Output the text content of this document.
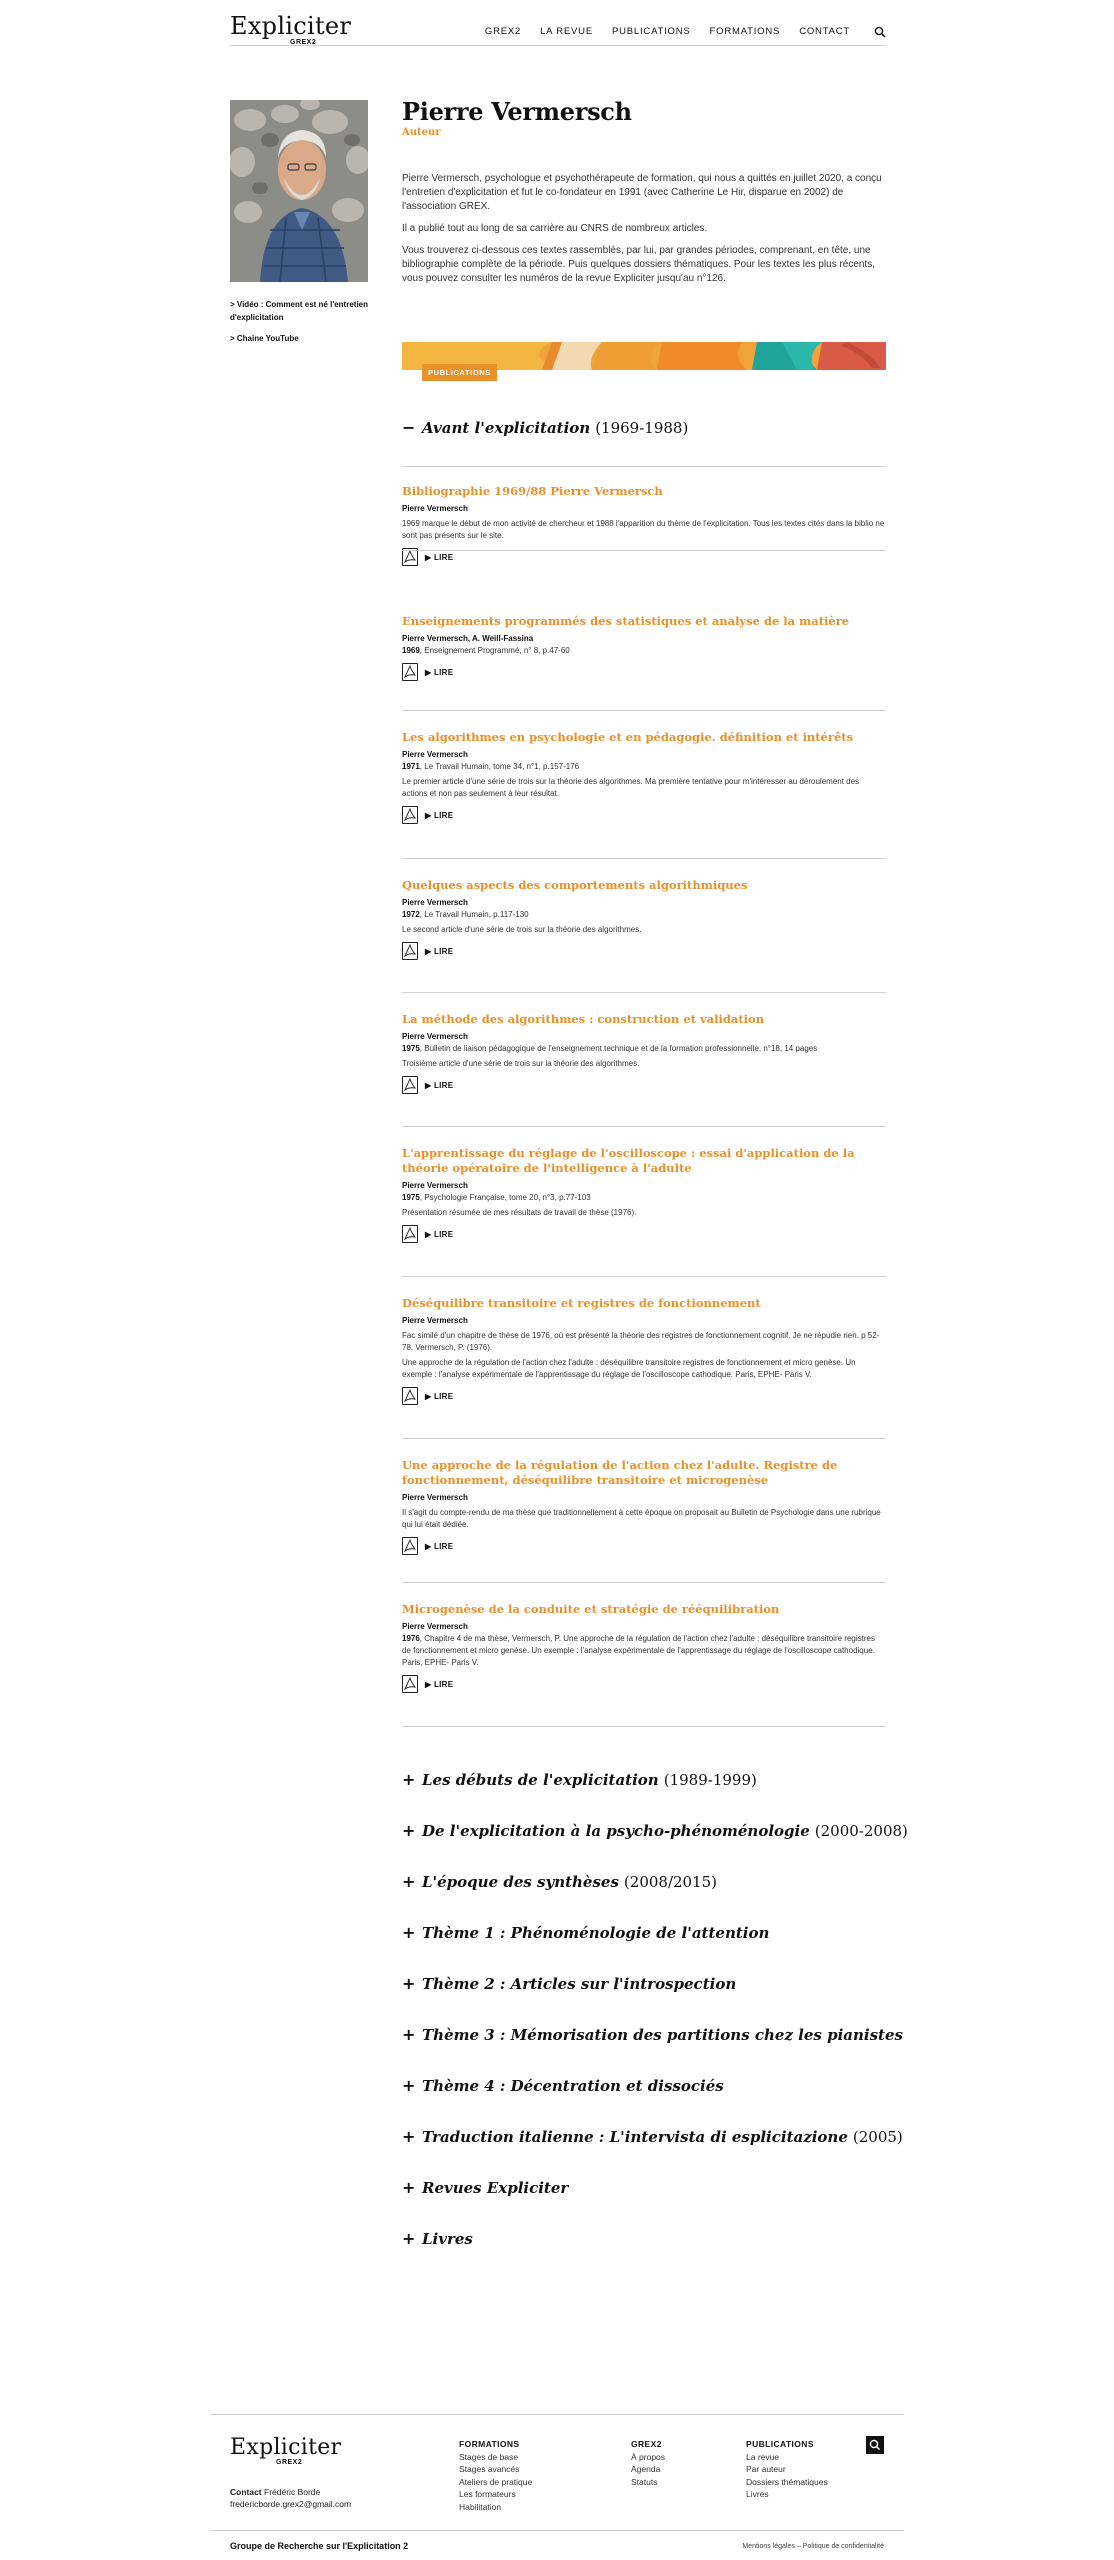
Expliciter
GREX2
GREX2 LA REVUE PUBLICATIONS FORMATIONS CONTACT
> Vidéo : Comment est né l'entretien d'explicitation
> Chaine YouTube
Pierre Vermersch
Auteur

Pierre Vermersch, psychologue et psychothérapeute de formation, qui nous a quittés en juillet 2020, a conçu l'entretien d'explicitation et fut le co-fondateur en 1991 (avec Catherine Le Hir, disparue en 2002) de l'association GREX.

Il a publié tout au long de sa carrière au CNRS de nombreux articles.

Vous trouverez ci-dessous ces textes rassemblés, par lui, par grandes périodes, comprenant, en tête, une bibliographie complète de la période. Puis quelques dossiers thématiques. Pour les textes les plus récents, vous pouvez consulter les numéros de la revue Expliciter jusqu'au n°126.

PUBLICATIONS
− Avant l'explicitation (1969-1988)
Bibliographie 1969/88 Pierre Vermersch
Pierre Vermersch
1969 marque le début de mon activité de chercheur et 1988 l'apparition du thème de l'explicitation. Tous les textes cités dans la biblio ne sont pas présents sur le site.
▶ LIRE
Enseignements programmés des statistiques et analyse de la matière
Pierre Vermersch, A. Weill-Fassina
1969, Enseignement Programmé, n° 8, p.47-60
▶ LIRE
Les algorithmes en psychologie et en pédagogie. définition et intérêts
Pierre Vermersch
1971, Le Travail Humain, tome 34, n°1, p.157-176
Le premier article d'une série de trois sur la théorie des algorithmes. Ma première tentative pour m'intéresser au déroulement des actions et non pas seulement à leur résultat.
▶ LIRE
Quelques aspects des comportements algorithmiques
Pierre Vermersch
1972, Le Travail Humain, p.117-130
Le second article d'une série de trois sur la théorie des algorithmes.
▶ LIRE
La méthode des algorithmes : construction et validation
Pierre Vermersch
1975, Bulletin de liaison pédagogique de l'enseignement technique et de la formation professionnelle, n°18, 14 pages
Troisième article d'une série de trois sur la théorie des algorithmes.
▶ LIRE
L'apprentissage du réglage de l'oscilloscope : essai d'application de la théorie opératoire de l'intelligence à l'adulte
Pierre Vermersch
1975, Psychologie Française, tome 20, n°3, p.77-103
Présentation résumée de mes résultats de travail de thèse (1976).
▶ LIRE
Déséquilibre transitoire et registres de fonctionnement
Pierre Vermersch
Fac similé d'un chapitre de thèse de 1976, où est présenté la théorie des registres de fonctionnement cognitif. Je ne répudie rien. p 52-78. Vermersch, P. (1976).
Une approche de la régulation de l'action chez l'adulte : déséquilibre transitoire registres de fonctionnement et micro genèse. Un exemple : l'analyse expérimentale de l'apprentissage du réglage de l'oscilloscope cathodique. Paris, EPHE- Paris V.
▶ LIRE
Une approche de la régulation de l'action chez l'adulte. Registre de fonctionnement, déséquilibre transitoire et microgenèse
Pierre Vermersch
Il s'agit du compte-rendu de ma thèse que traditionnellement à cette époque on proposait au Bulletin de Psychologie dans une rubrique qui lui était dédiée.
▶ LIRE
Microgenèse de la conduite et stratégie de rééquilibration
Pierre Vermersch
1976, Chapitre 4 de ma thèse, Vermersch, P. Une approche de la régulation de l'action chez l'adulte : déséquilibre transitoire registres de fonctionnement et micro genèse. Un exemple : l'analyse expérimentale de l'apprentissage du réglage de l'oscilloscope cathodique. Paris, EPHE- Paris V.
▶ LIRE
+ Les débuts de l'explicitation (1989-1999)
+ De l'explicitation à la psycho-phénoménologie (2000-2008)
+ L'époque des synthèses (2008/2015)
+ Thème 1 : Phénoménologie de l'attention
+ Thème 2 : Articles sur l'introspection
+ Thème 3 : Mémorisation des partitions chez les pianistes
+ Thème 4 : Décentration et dissociés
+ Traduction italienne : L'intervista di esplicitazione (2005)
+ Revues Expliciter
+ Livres
Expliciter
GREX2
Contact Frédéric Borde
fredericborde.grex2@gmail.com
FORMATIONS
Stages de base
Stages avancés
Ateliers de pratique
Les formateurs
Habilitation
GREX2
À propos
Agenda
Statuts
PUBLICATIONS
La revue
Par auteur
Dossiers thématiques
Livres
Groupe de Recherche sur l'Explicitation 2	Mentions légales – Politique de confidentialité
